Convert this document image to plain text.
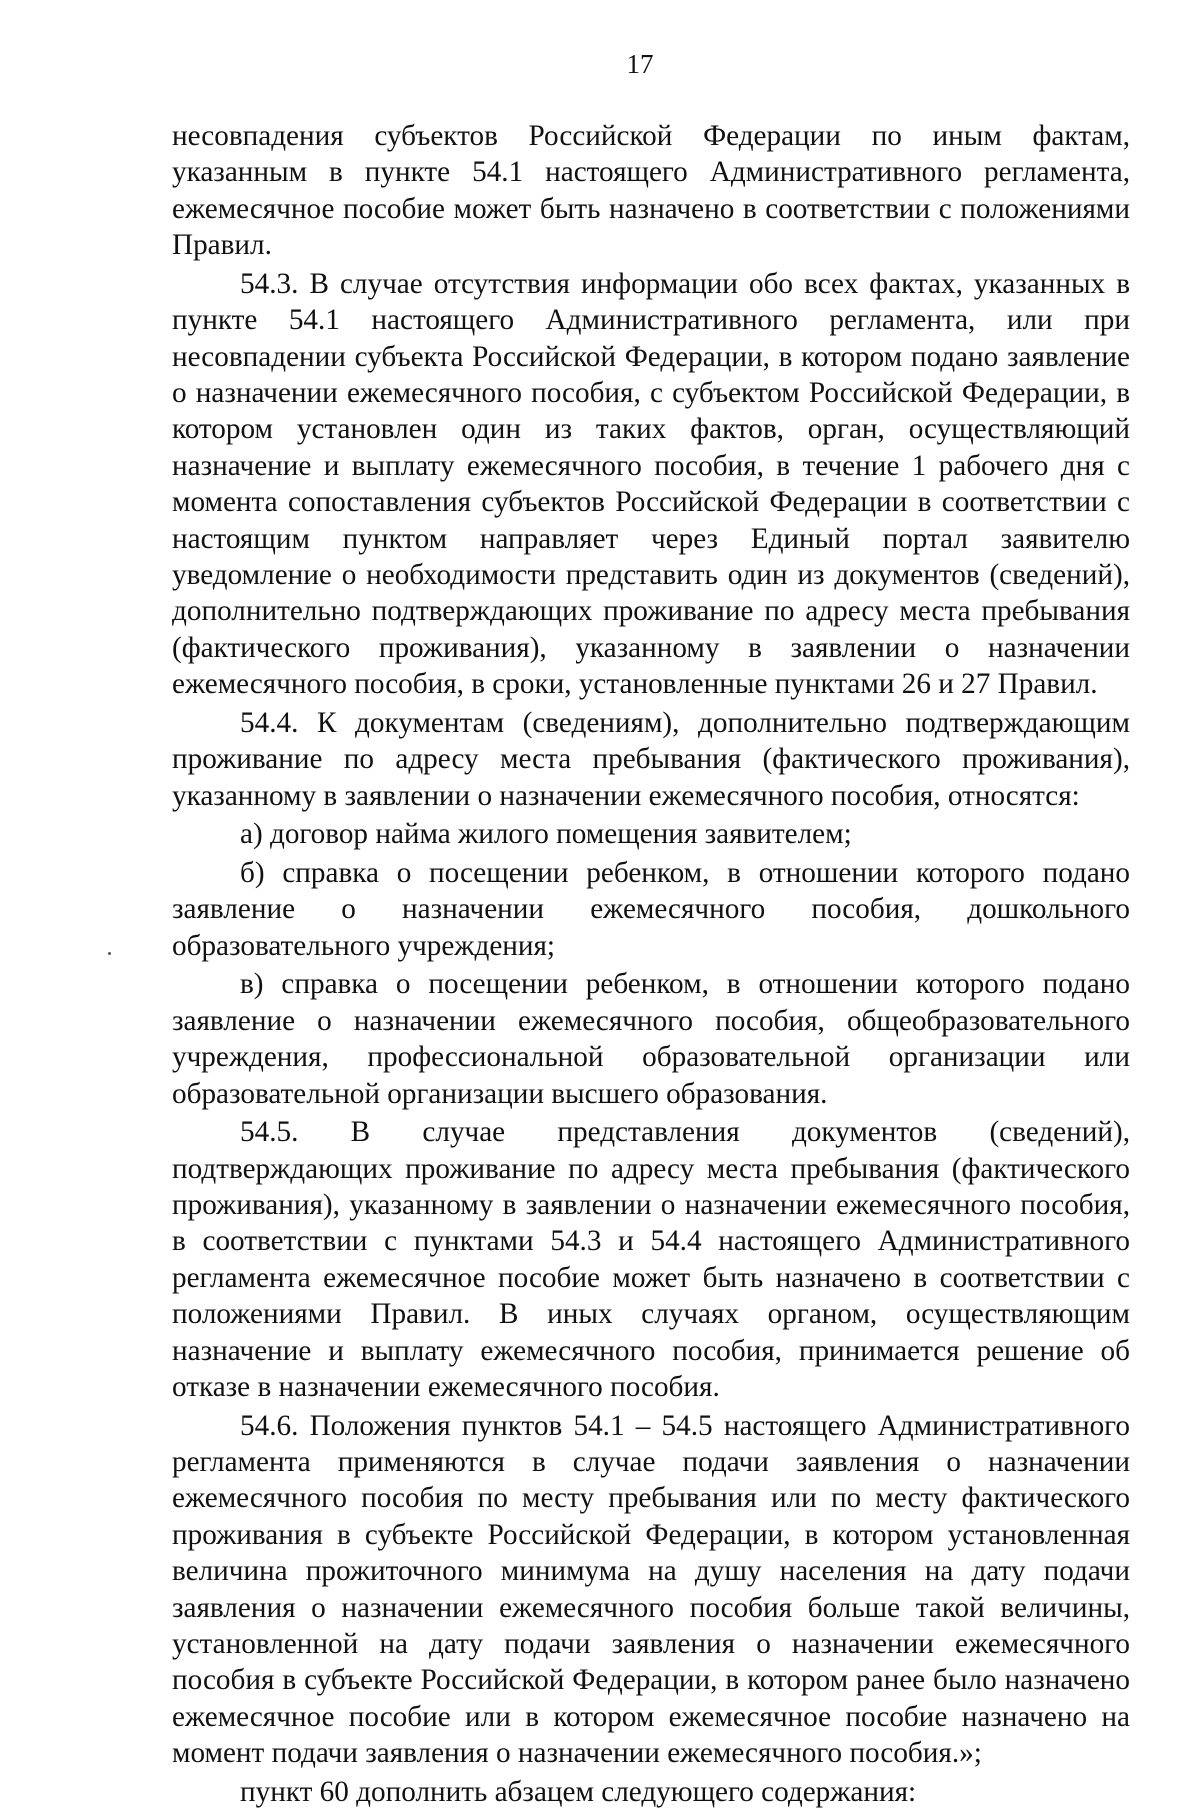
17

несовпадения субъектов Российской Федерации по иным фактам, указанным в пункте 54.1 настоящего Административного регламента, ежемесячное пособие может быть назначено в соответствии с положениями Правил.

54.3. В случае отсутствия информации обо всех фактах, указанных в пункте 54.1 настоящего Административного регламента, или при несовпадении субъекта Российской Федерации, в котором подано заявление о назначении ежемесячного пособия, с субъектом Российской Федерации, в котором установлен один из таких фактов, орган, осуществляющий назначение и выплату ежемесячного пособия, в течение 1 рабочего дня с момента сопоставления субъектов Российской Федерации в соответствии с настоящим пунктом направляет через Единый портал заявителю уведомление о необходимости представить один из документов (сведений), дополнительно подтверждающих проживание по адресу места пребывания (фактического проживания), указанному в заявлении о назначении ежемесячного пособия, в сроки, установленные пунктами 26 и 27 Правил.

54.4. К документам (сведениям), дополнительно подтверждающим проживание по адресу места пребывания (фактического проживания), указанному в заявлении о назначении ежемесячного пособия, относятся:

а) договор найма жилого помещения заявителем;

б) справка о посещении ребенком, в отношении которого подано заявление о назначении ежемесячного пособия, дошкольного образовательного учреждения;

в) справка о посещении ребенком, в отношении которого подано заявление о назначении ежемесячного пособия, общеобразовательного учреждения, профессиональной образовательной организации или образовательной организации высшего образования.

54.5. В случае представления документов (сведений), подтверждающих проживание по адресу места пребывания (фактического проживания), указанному в заявлении о назначении ежемесячного пособия, в соответствии с пунктами 54.3 и 54.4 настоящего Административного регламента ежемесячное пособие может быть назначено в соответствии с положениями Правил. В иных случаях органом, осуществляющим назначение и выплату ежемесячного пособия, принимается решение об отказе в назначении ежемесячного пособия.

54.6. Положения пунктов 54.1 – 54.5 настоящего Административного регламента применяются в случае подачи заявления о назначении ежемесячного пособия по месту пребывания или по месту фактического проживания в субъекте Российской Федерации, в котором установленная величина прожиточного минимума на душу населения на дату подачи заявления о назначении ежемесячного пособия больше такой величины, установленной на дату подачи заявления о назначении ежемесячного пособия в субъекте Российской Федерации, в котором ранее было назначено ежемесячное пособие или в котором ежемесячное пособие назначено на момент подачи заявления о назначении ежемесячного пособия.»;

пункт 60 дополнить абзацем следующего содержания:
